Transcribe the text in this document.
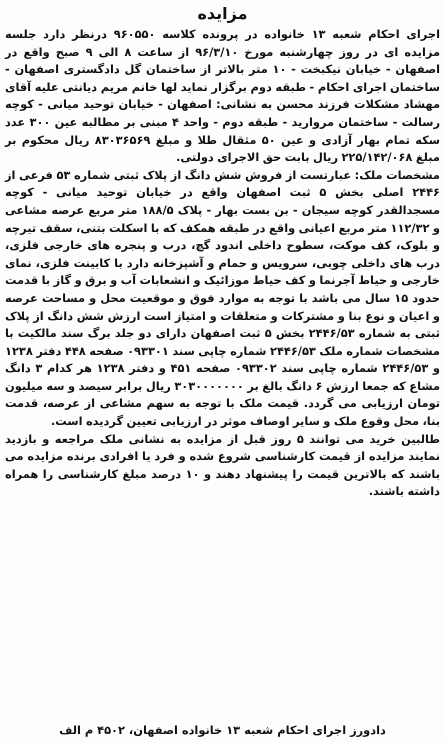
مزایده

اجرای احکام شعبه ۱۳ خانواده در پرونده کلاسه ۹۶۰۵۵۰ درنظر دارد جلسه مزایده ای در روز چهارشنبه مورخ ۹۶/۳/۱۰ از ساعت ۸ الی ۹ صبح واقع در اصفهان - خیابان نیکبخت - ۱۰ متر بالاتر از ساختمان گل دادگستری اصفهان - ساختمان اجرای احکام - طبقه دوم برگزار نماید لها خانم مریم دیانتی علیه آقای مهشاد مشکلات فرزند محسن به نشانی: اصفهان - خیابان توحید میانی - کوچه رسالت - ساختمان مروارید - طبقه دوم - واحد ۴ مبنی بر مطالبه عین ۳۰۰ عدد سکه تمام بهار آزادی و عین ۵۰ مثقال طلا و مبلغ ۸۳۰۳۶۵۶۹ ریال محکوم بر مبلغ ۲۲۵/۱۴۲/۰۶۸ ریال بابت حق الاجرای دولتی.

مشخصات ملک: عبارتست از فروش شش دانگ از پلاک ثبتی شماره ۵۳ فرعی از ۲۴۴۶ اصلی بخش ۵ ثبت اصفهان واقع در خیابان توحید میانی - کوچه مسجدالقدر کوچه سیجان - بن بست بهار - پلاک ۱۸۸/۵ متر مربع عرصه مشاعی و ۱۱۲/۳۲ متر مربع اعیانی واقع در طبقه همکف که با اسکلت بتنی، سقف تیرچه و بلوک، کف موکت، سطوح داخلی اندود گچ، درب و پنجره های خارجی فلزی، درب های داخلی چوبی، سرویس و حمام و آشپزخانه دارد با کابینت فلزی، نمای خارجی و حیاط آجرنما و کف حیاط موزائیک و انشعابات آب و برق و گاز با قدمت حدود ۱۵ سال می باشد با توجه به موارد فوق و موقعیت محل و مساحت عرصه و اعیان و نوع بنا و مشترکات و متعلقات و امتیاز است ارزش شش دانگ از پلاک ثبتی به شماره ۲۴۴۶/۵۳ بخش ۵ ثبت اصفهان دارای دو جلد برگ سند مالکیت با مشخصات شماره ملک ۲۴۴۶/۵۳ شماره چاپی سند ۰۹۳۳۰۱ صفحه ۴۴۸ دفتر ۱۲۳۸ و ۲۴۴۶/۵۳ شماره چاپی سند ۰۹۳۳۰۲ صفحه ۴۵۱ و دفتر ۱۲۳۸ هر کدام ۳ دانگ مشاع که جمعا ارزش ۶ دانگ بالغ بر ۳۰۳۰۰۰۰۰۰۰ ریال برابر سیصد و سه میلیون تومان ارزیابی می گردد. قیمت ملک با توجه به سهم مشاعی از عرصه، قدمت بنا، محل وقوع ملک و سایر اوصاف موثر در ارزیابی تعیین گردیده است.

طالبین خرید می توانند ۵ روز قبل از مزایده به نشانی ملک مراجعه و بازدید نمایند مزایده از قیمت کارشناسی شروع شده و فرد یا افرادی برنده مزایده می باشند که بالاترین قیمت را پیشنهاد دهند و ۱۰ درصد مبلغ کارشناسی را همراه داشته باشند.

دادورز اجرای احکام شعبه ۱۳ خانواده اصفهان، ۴۵۰۲ م الف
